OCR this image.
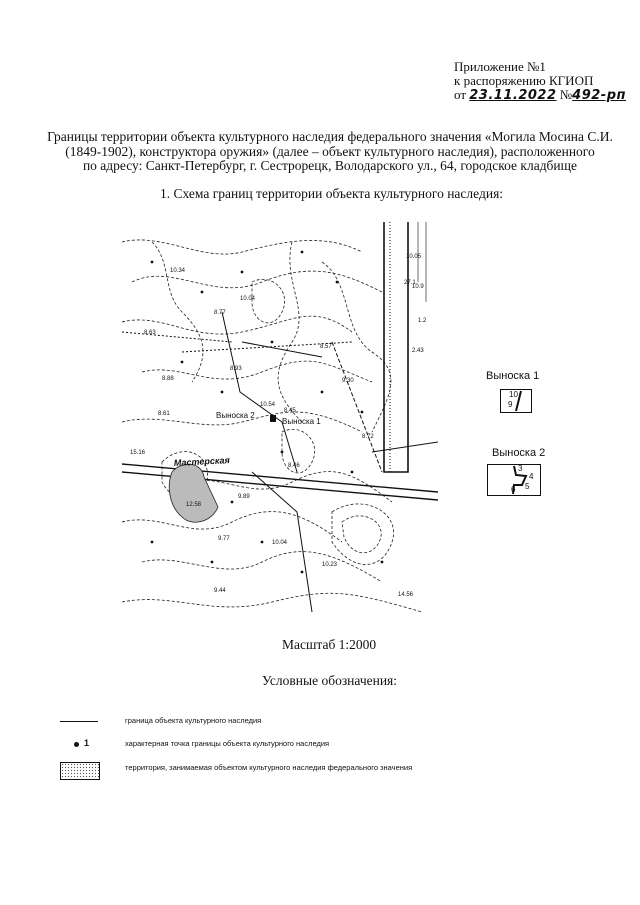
Приложение №1
к распоряжению КГИОП
от 23.11.2022 №492-рп
Границы территории объекта культурного наследия федерального значения «Могила Мосина С.И.
(1849-1902), конструктора оружия» (далее – объект культурного наследия), расположенного
по адресу: Санкт-Петербург, г. Сестрорецк, Володарского ул., 64, городское кладбище
1. Схема границ территории объекта культурного наследия:
10.34
8.77
10.04
8.63
8.57
8.88
8.93
9.30
8.61
8.46
8.72
10.54
8.45
9.89
9.77
10.04
10.23
12.58
9.44
14.56
10.05
10.9
1.2
2.43
15.16
27.1
Мастерская
Выноска 2
Выноска 1
Выноска 1
10
9
Выноска 2
3
4
5
6
Масштаб 1:2000
Условные обозначения:
граница объекта культурного наследия
1	характерная точка границы объекта культурного наследия
территория, занимаемая объектом культурного наследия федерального значения
